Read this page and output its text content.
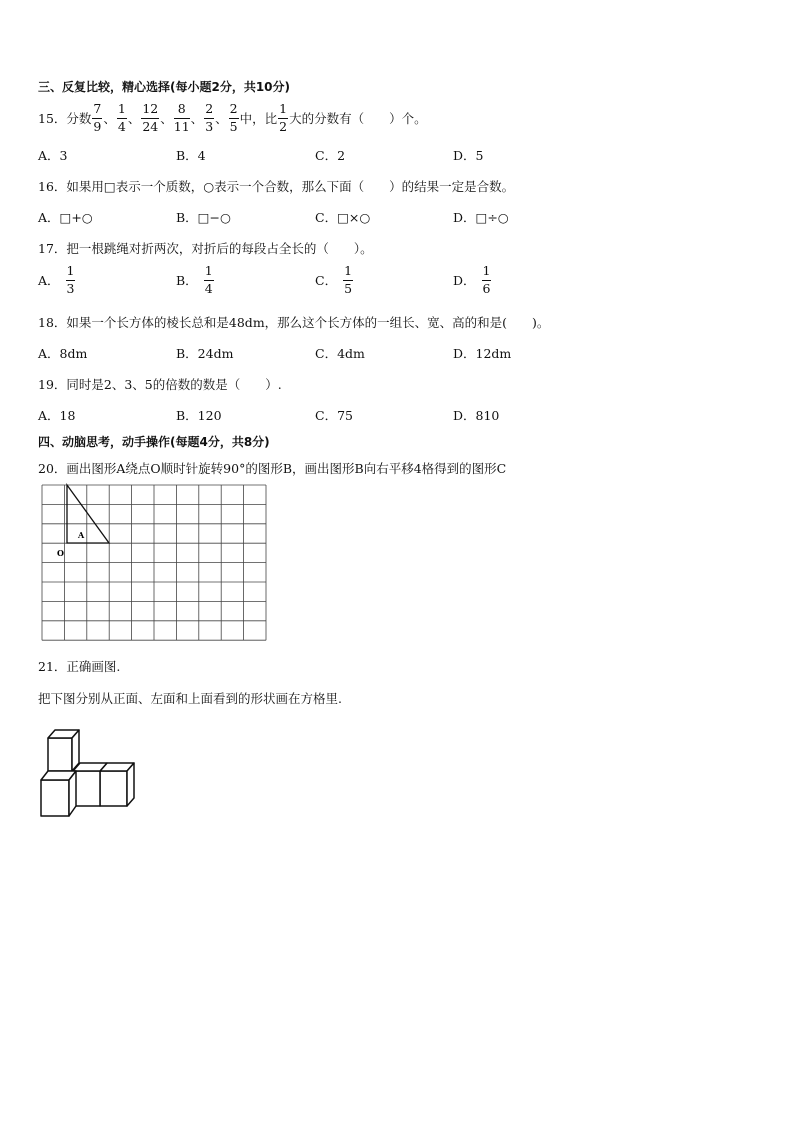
三、反复比较，精心选择(每小题2分，共10分)
15．分数 $\frac{7}{9}$ 、 $\frac{1}{4}$ 、 $\frac{12}{24}$ 、 $\frac{8}{11}$ 、 $\frac{2}{3}$ 、 $\frac{2}{5}$ 中，比 $\frac{1}{2}$ 大的分数有（　　）个。
A．3	B．4	C．2	D．5
16．如果用□表示一个质数，○表示一个合数，那么下面（　　）的结果一定是合数。
A．□+○	B．□−○	C．□×○	D．□÷○
17．把一根跳绳对折两次，对折后的每段占全长的（　　）。
A． $\frac{1}{3}$	B． $\frac{1}{4}$	C． $\frac{1}{5}$	D． $\frac{1}{6}$
18．如果一个长方体的棱长总和是48dm，那么这个长方体的一组长、宽、高的和是(　　)。
A．8dm	B．24dm	C．4dm	D．12dm
19．同时是2、3、5的倍数的数是（　　）.
A．18	B．120	C．75	D．810
四、动脑思考，动手操作(每题4分，共8分)
20．画出图形A绕点O顺时针旋转90°的图形B，画出图形B向右平移4格得到的图形C
A
O
21．正确画图.
把下图分别从正面、左面和上面看到的形状画在方格里.
